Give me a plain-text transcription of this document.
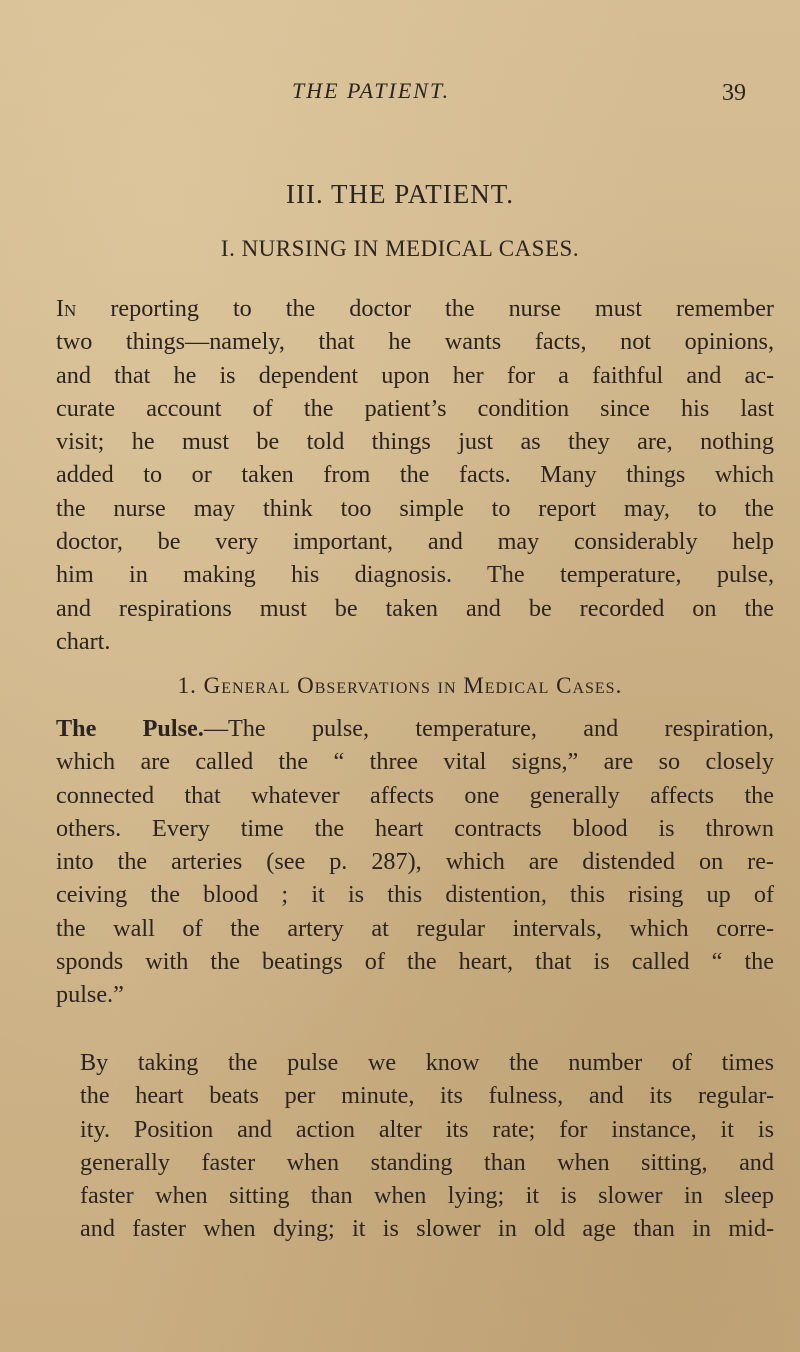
THE PATIENT.	39
III. THE PATIENT.
I. NURSING IN MEDICAL CASES.

In reporting to the doctor the nurse must remember
two things—namely, that he wants facts, not opinions,
and that he is dependent upon her for a faithful and ac-
curate account of the patient’s condition since his last
visit; he must be told things just as they are, nothing
added to or taken from the facts. Many things which
the nurse may think too simple to report may, to the
doctor, be very important, and may considerably help
him in making his diagnosis. The temperature, pulse,
and respirations must be taken and be recorded on the
chart.

1. General Observations in Medical Cases.

The Pulse.—The pulse, temperature, and respiration,
which are called the “ three vital signs,” are so closely
connected that whatever affects one generally affects the
others. Every time the heart contracts blood is thrown
into the arteries (see p. 287), which are distended on re-
ceiving the blood ; it is this distention, this rising up of
the wall of the artery at regular intervals, which corre-
sponds with the beatings of the heart, that is called “ the
pulse.”

By taking the pulse we know the number of times
the heart beats per minute, its fulness, and its regular-
ity. Position and action alter its rate; for instance, it is
generally faster when standing than when sitting, and
faster when sitting than when lying; it is slower in sleep
and faster when dying; it is slower in old age than in mid-
